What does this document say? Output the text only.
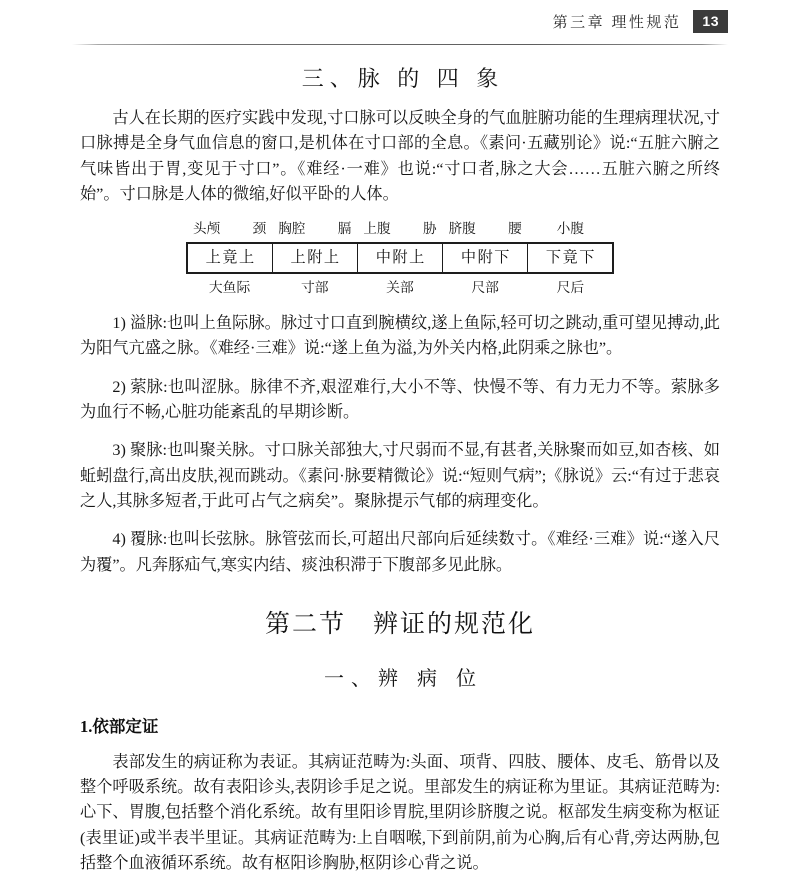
第三章 理性规范	13
三、脉 的 四 象

古人在长期的医疗实践中发现,寸口脉可以反映全身的气血脏腑功能的生理病理状况,寸口脉搏是全身气血信息的窗口,是机体在寸口部的全息。《素问·五藏别论》说:“五脏六腑之气味皆出于胃,变见于寸口”。《难经·一难》也说:“寸口者,脉之大会……五脏六腑之所终始”。寸口脉是人体的微缩,好似平卧的人体。

头颅 颈	胸腔 膈	上腹 胁	脐腹 腰	小腹
上竟上	上附上	中附上	中附下	下竟下
大鱼际	寸部	关部	尺部	尺后

1) 溢脉:也叫上鱼际脉。脉过寸口直到腕横纹,遂上鱼际,轻可切之跳动,重可望见搏动,此为阳气亢盛之脉。《难经·三难》说:“遂上鱼为溢,为外关内格,此阴乘之脉也”。

2) 萦脉:也叫涩脉。脉律不齐,艰涩难行,大小不等、快慢不等、有力无力不等。萦脉多为血行不畅,心脏功能紊乱的早期诊断。

3) 聚脉:也叫聚关脉。寸口脉关部独大,寸尺弱而不显,有甚者,关脉聚而如豆,如杏核、如蚯蚓盘行,高出皮肤,视而跳动。《素问·脉要精微论》说:“短则气病”;《脉说》云:“有过于悲哀之人,其脉多短者,于此可占气之病矣”。聚脉提示气郁的病理变化。

4) 覆脉:也叫长弦脉。脉管弦而长,可超出尺部向后延续数寸。《难经·三难》说:“遂入尺为覆”。凡奔豚疝气,寒实内结、痰浊积滞于下腹部多见此脉。

第二节　辨证的规范化
一、辨 病 位
1.依部定证

表部发生的病证称为表证。其病证范畴为:头面、项背、四肢、腰体、皮毛、筋骨以及整个呼吸系统。故有表阳诊头,表阴诊手足之说。里部发生的病证称为里证。其病证范畴为:心下、胃腹,包括整个消化系统。故有里阳诊胃脘,里阴诊脐腹之说。枢部发生病变称为枢证(表里证)或半表半里证。其病证范畴为:上自咽喉,下到前阴,前为心胸,后有心背,旁达两胁,包括整个血液循环系统。故有枢阳诊胸胁,枢阴诊心背之说。
